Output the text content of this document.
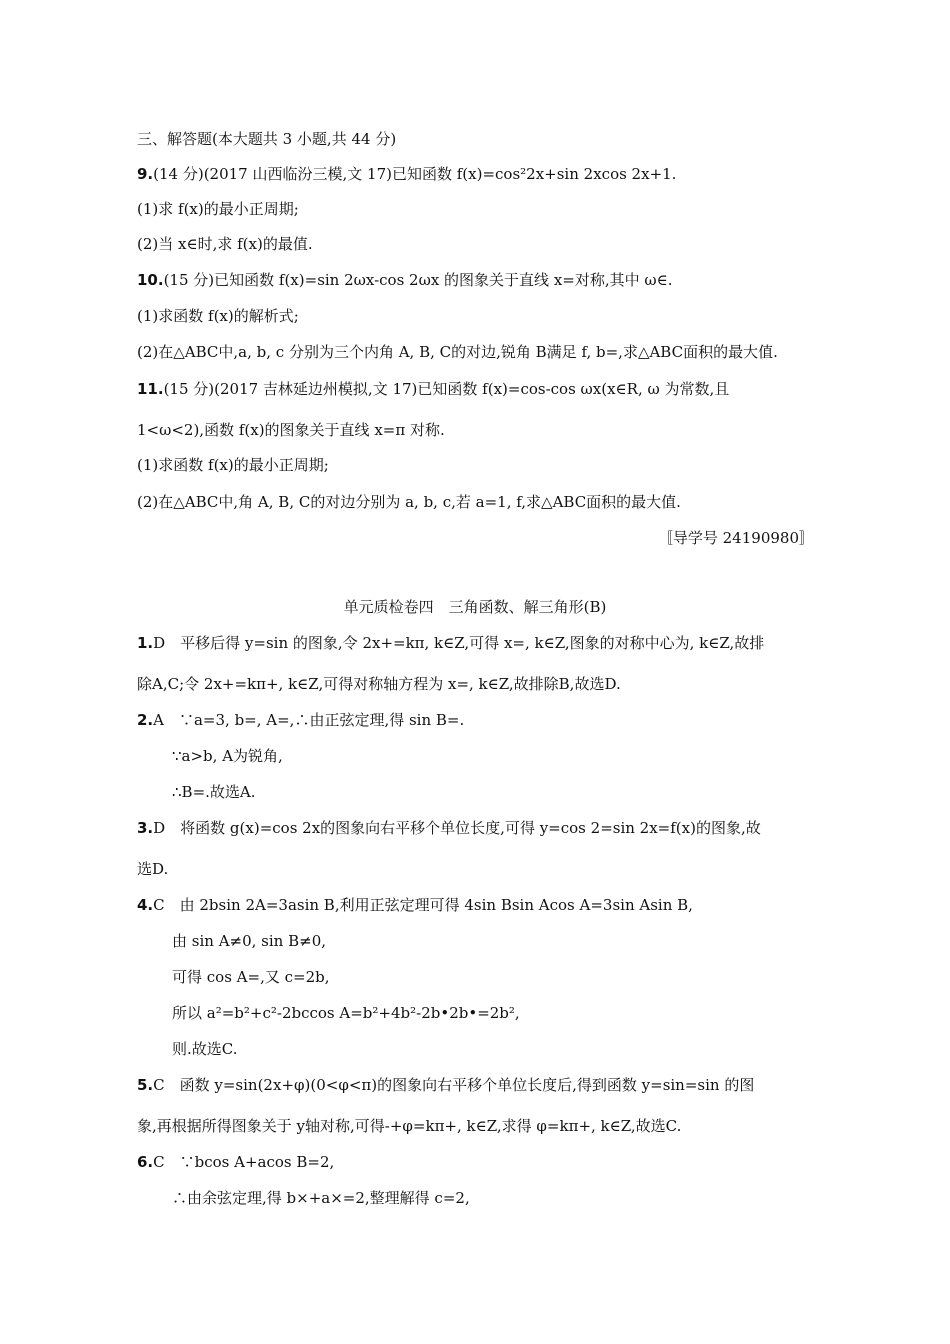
三、解答题(本大题共 3 小题,共 44 分)
9.(14 分)(2017 山西临汾三模,文 17)已知函数 f(x)=cos²2x+sin 2xcos 2x+1.
(1)求 f(x)的最小正周期;
(2)当 x∈时,求 f(x)的最值.
10.(15 分)已知函数 f(x)=sin 2ωx-cos 2ωx 的图象关于直线 x=对称,其中 ω∈.
(1)求函数 f(x)的解析式;
(2)在△ABC中,a, b, c 分别为三个内角 A, B, C的对边,锐角 B满足 f, b=,求△ABC面积的最大值.
11.(15 分)(2017 吉林延边州模拟,文 17)已知函数 f(x)=cos-cos ωx(x∈R, ω 为常数,且
1<ω<2),函数 f(x)的图象关于直线 x=π 对称.
(1)求函数 f(x)的最小正周期;
(2)在△ABC中,角 A, B, C的对边分别为 a, b, c,若 a=1, f,求△ABC面积的最大值.
〚导学号 24190980〛
单元质检卷四　三角函数、解三角形(B)
1.D　平移后得 y=sin 的图象,令 2x+=kπ, k∈Z,可得 x=, k∈Z,图象的对称中心为, k∈Z,故排
除A,C;令 2x+=kπ+, k∈Z,可得对称轴方程为 x=, k∈Z,故排除B,故选D.
2.A　∵a=3, b=, A=,∴由正弦定理,得 sin B=.
∵a>b, A为锐角,
∴B=.故选A.
3.D　将函数 g(x)=cos 2x的图象向右平移个单位长度,可得 y=cos 2=sin 2x=f(x)的图象,故
选D.
4.C　由 2bsin 2A=3asin B,利用正弦定理可得 4sin Bsin Acos A=3sin Asin B,
由 sin A≠0, sin B≠0,
可得 cos A=,又 c=2b,
所以 a²=b²+c²-2bccos A=b²+4b²-2b•2b•=2b²,
则.故选C.
5.C　函数 y=sin(2x+φ)(0<φ<π)的图象向右平移个单位长度后,得到函数 y=sin=sin 的图
象,再根据所得图象关于 y轴对称,可得-+φ=kπ+, k∈Z,求得 φ=kπ+, k∈Z,故选C.
6.C　∵bcos A+acos B=2,
∴由余弦定理,得 b×+a×=2,整理解得 c=2,
